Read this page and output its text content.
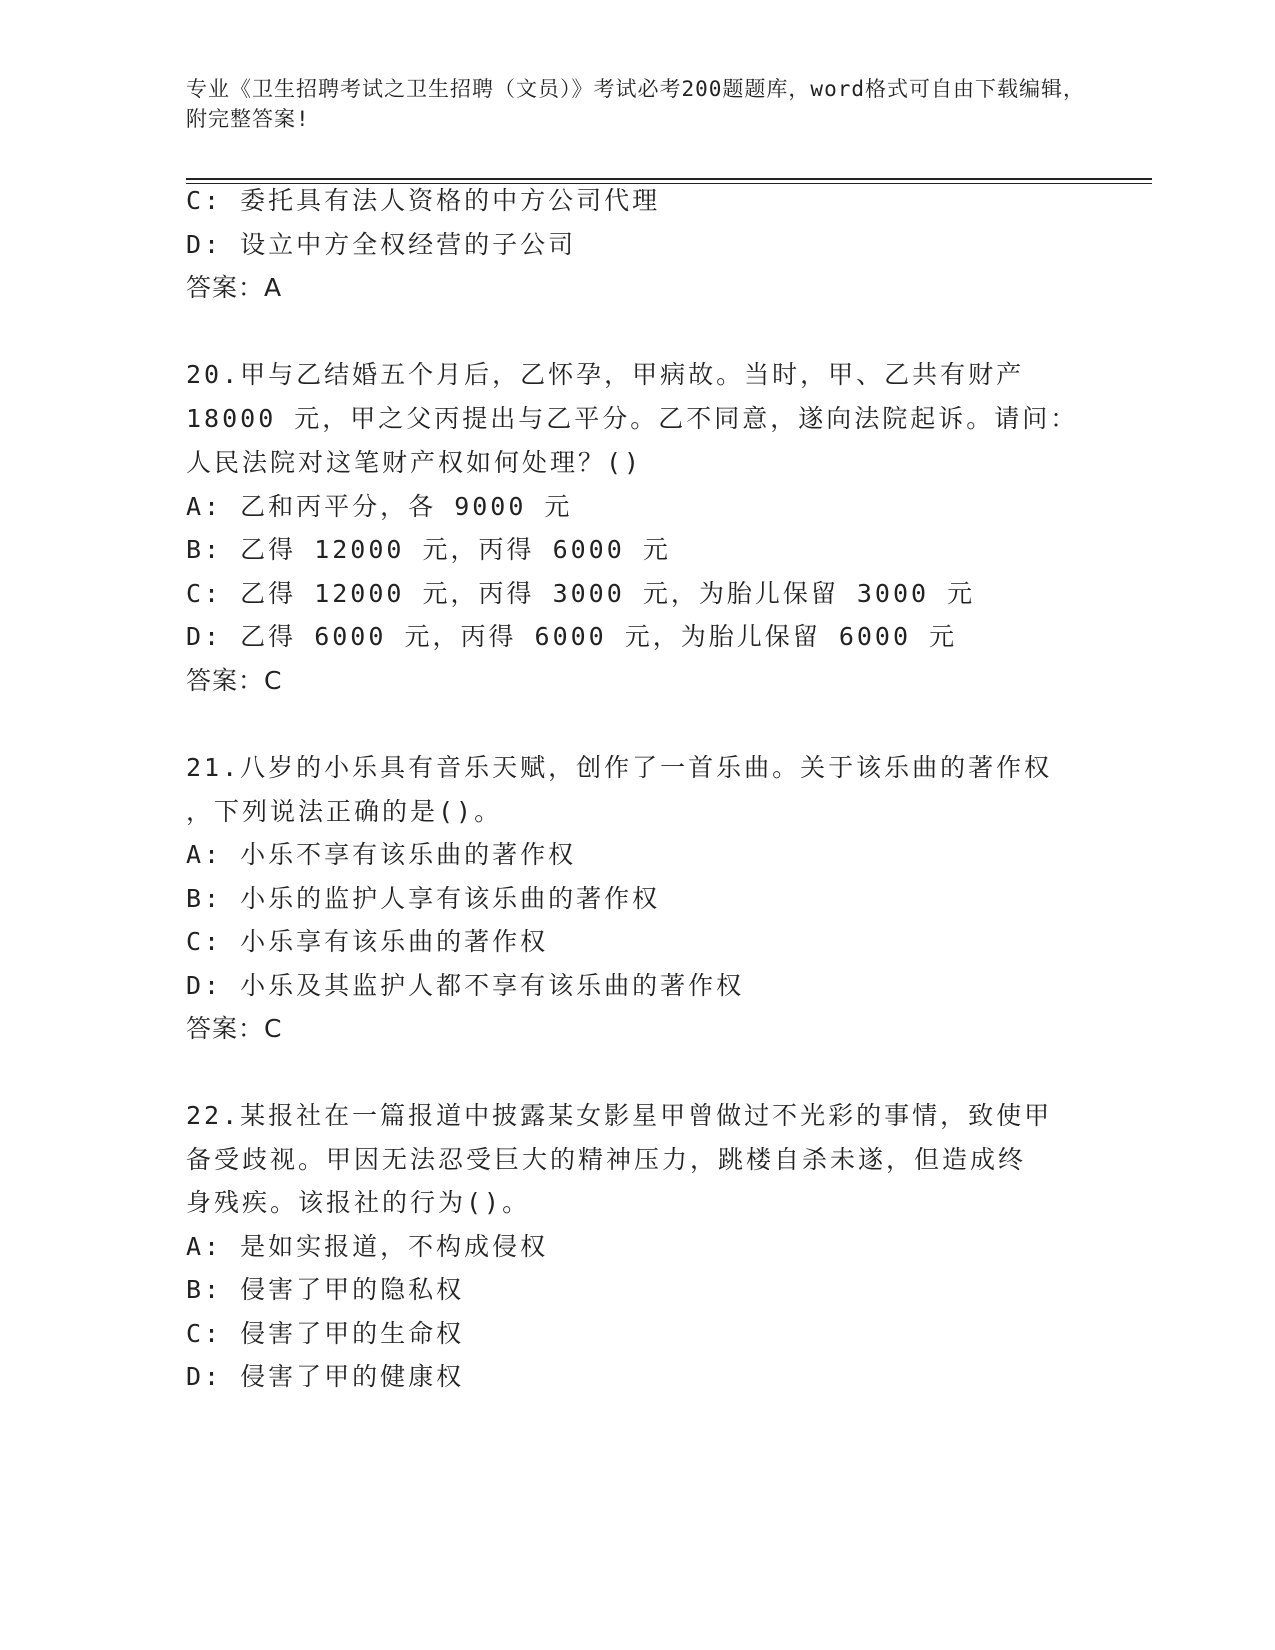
专业《卫生招聘考试之卫生招聘（文员）》考试必考200题题库，word格式可自由下载编辑，附完整答案!
C: 委托具有法人资格的中方公司代理
D: 设立中方全权经营的子公司
答案：A
20.甲与乙结婚五个月后，乙怀孕，甲病故。当时，甲、乙共有财产
18000 元，甲之父丙提出与乙平分。乙不同意，遂向法院起诉。请问：
人民法院对这笔财产权如何处理？()
A: 乙和丙平分，各 9000 元
B: 乙得 12000 元，丙得 6000 元
C: 乙得 12000 元，丙得 3000 元，为胎儿保留 3000 元
D: 乙得 6000 元，丙得 6000 元，为胎儿保留 6000 元
答案：C
21.八岁的小乐具有音乐天赋，创作了一首乐曲。关于该乐曲的著作权
，下列说法正确的是()。
A: 小乐不享有该乐曲的著作权
B: 小乐的监护人享有该乐曲的著作权
C: 小乐享有该乐曲的著作权
D: 小乐及其监护人都不享有该乐曲的著作权
答案：C
22.某报社在一篇报道中披露某女影星甲曾做过不光彩的事情，致使甲
备受歧视。甲因无法忍受巨大的精神压力，跳楼自杀未遂，但造成终
身残疾。该报社的行为()。
A: 是如实报道，不构成侵权
B: 侵害了甲的隐私权
C: 侵害了甲的生命权
D: 侵害了甲的健康权
